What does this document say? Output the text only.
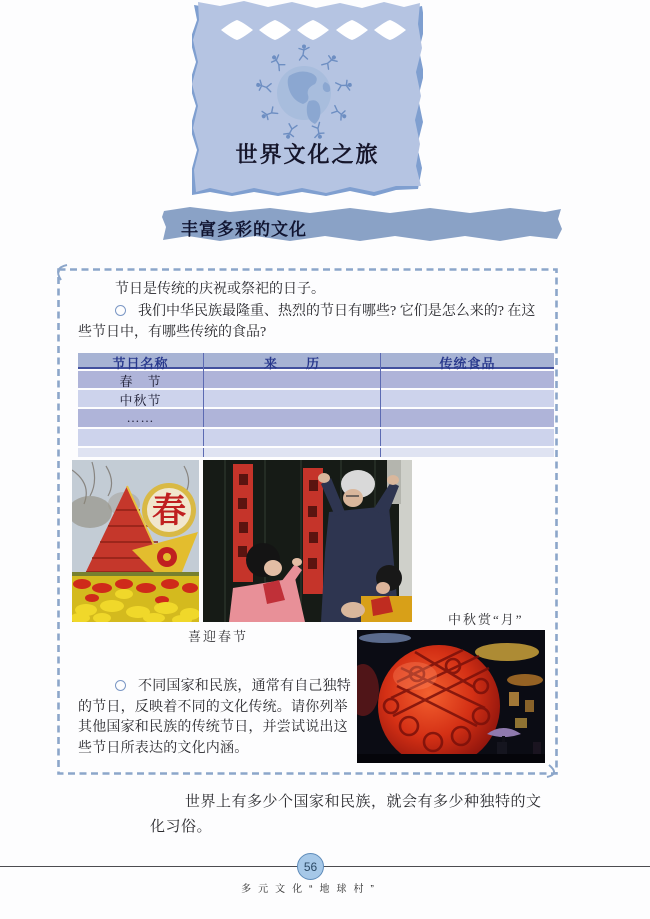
世界文化之旅
丰富多彩的文化

节日是传统的庆祝或祭祀的日子。

我们中华民族最隆重、热烈的节日有哪些? 它们是怎么来的? 在这些节日中，有哪些传统的食品?

节日名称	来　　历	传统食品
春　节
中秋节
……
春
喜迎春节
中秋赏“月”

不同国家和民族，通常有自己独特的节日，反映着不同的文化传统。请你列举其他国家和民族的传统节日，并尝试说出这些节日所表达的文化内涵。

世界上有多少个国家和民族，就会有多少种独特的文化习俗。

56
多元文化“地球村”
